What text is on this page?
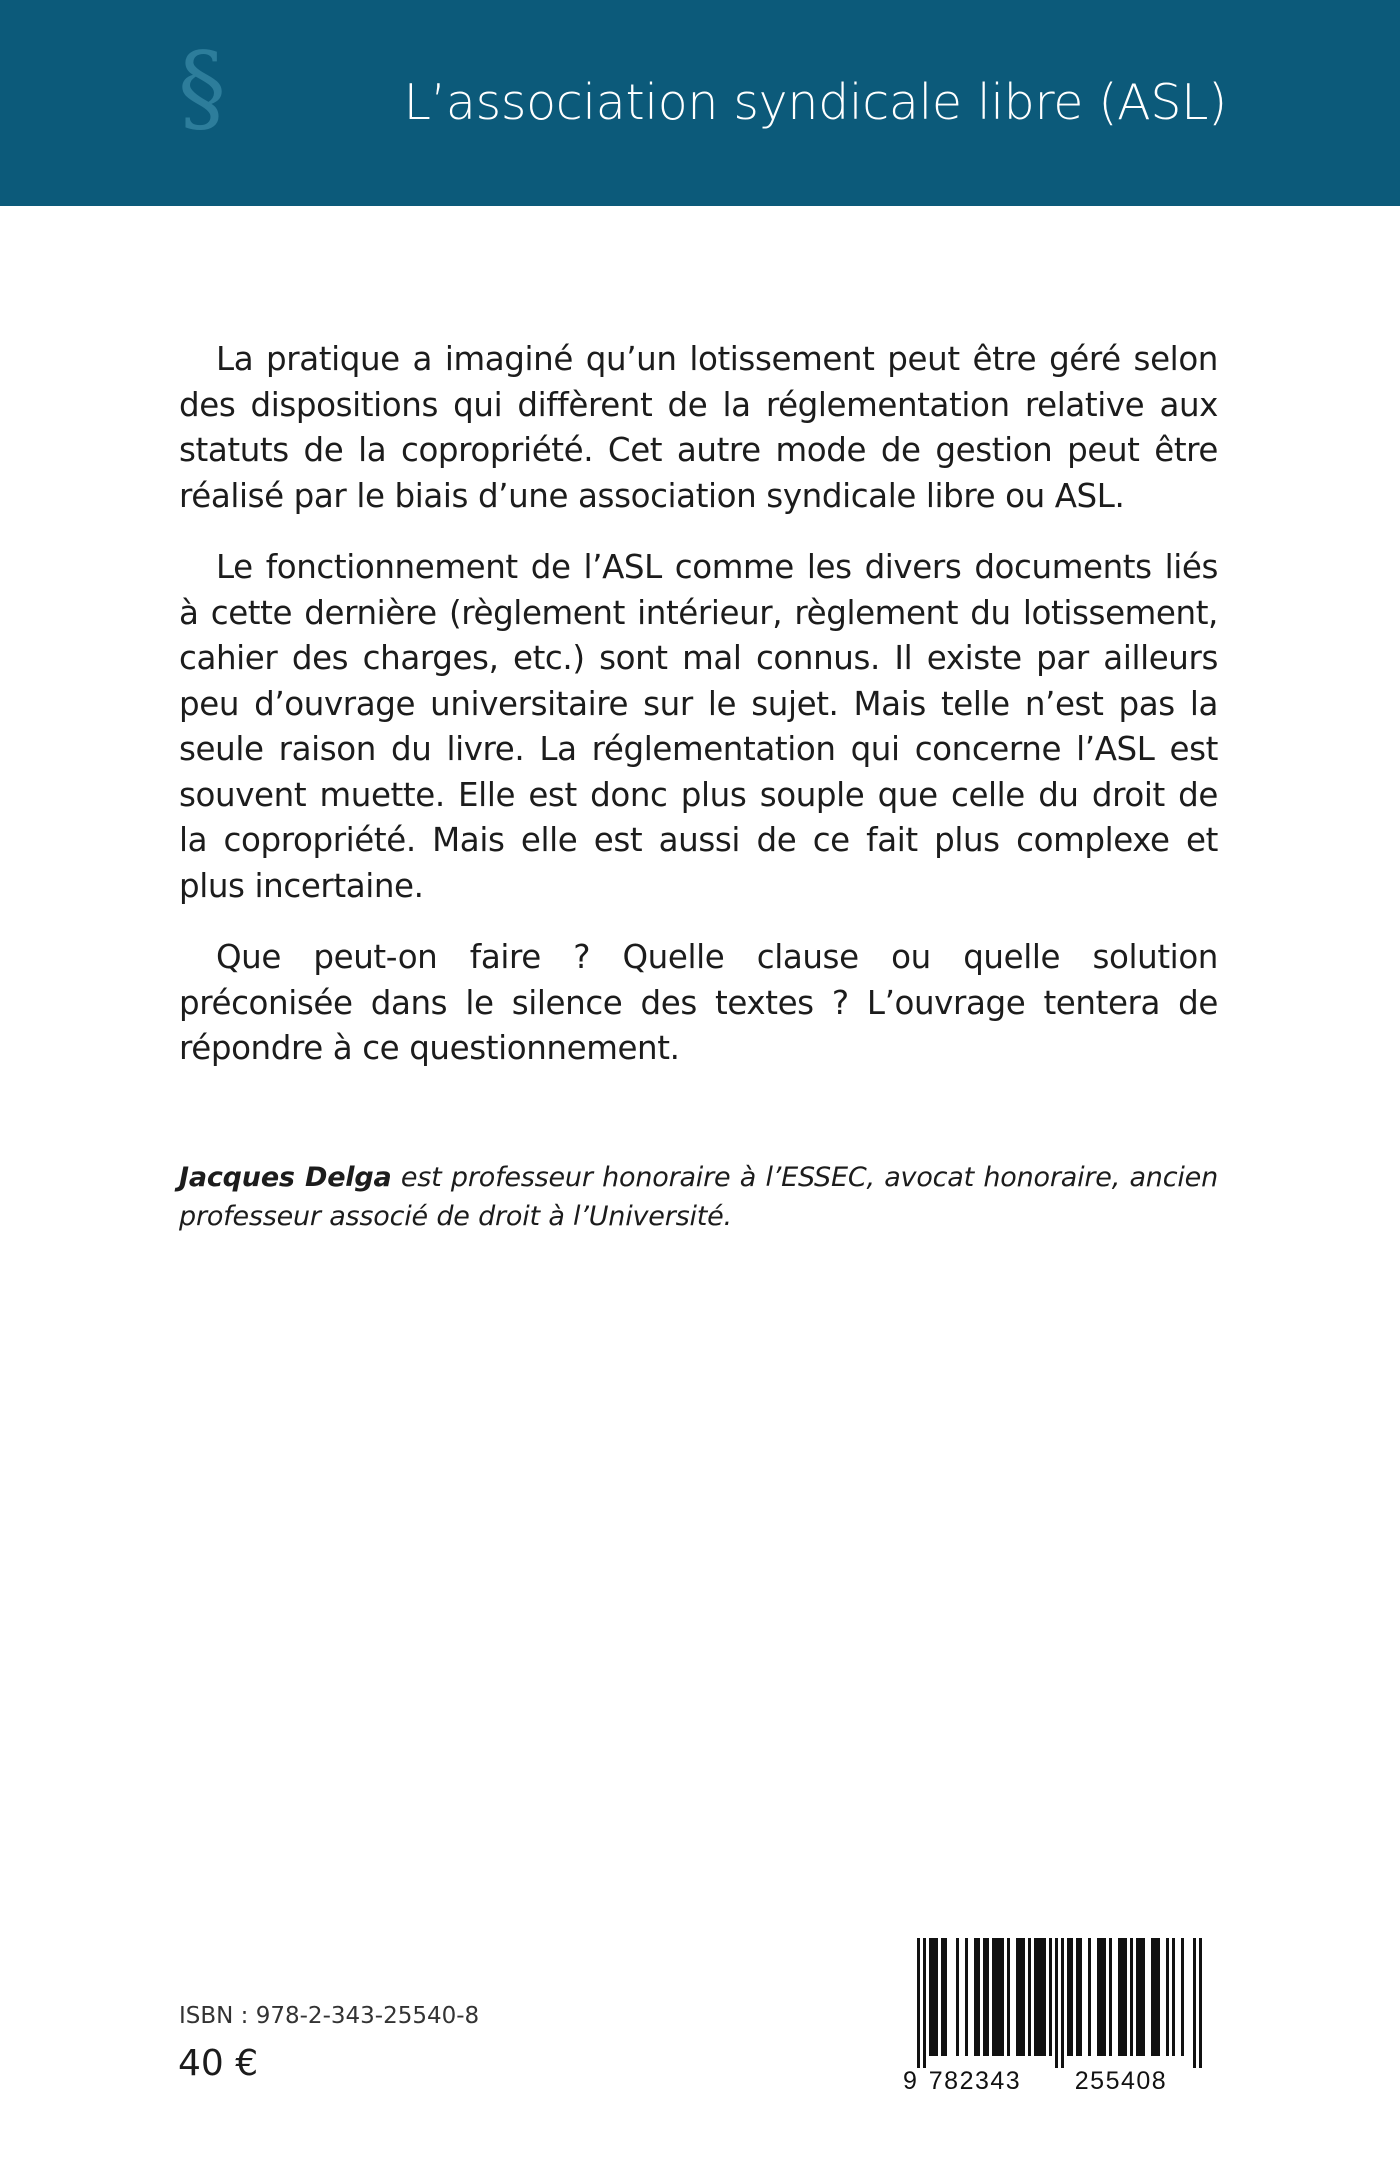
§	L’association syndicale libre (ASL)

La pratique a imaginé qu’un lotissement peut être géré selon des dispositions qui diffèrent de la réglementation relative aux statuts de la copropriété. Cet autre mode de gestion peut être réalisé par le biais d’une association syndicale libre ou ASL.

Le fonctionnement de l’ASL comme les divers documents liés à cette dernière (règlement intérieur, règlement du lotissement, cahier des charges, etc.) sont mal connus. Il existe par ailleurs peu d’ouvrage universitaire sur le sujet. Mais telle n’est pas la seule raison du livre. La réglementation qui concerne l’ASL est souvent muette. Elle est donc plus souple que celle du droit de la copropriété. Mais elle est aussi de ce fait plus complexe et plus incertaine.

Que peut-on faire ? Quelle clause ou quelle solution préconisée dans le silence des textes ? L’ouvrage tentera de répondre à ce questionnement.

Jacques Delga est professeur honoraire à l’ESSEC, avocat honoraire, ancien professeur associé de droit à l’Université.

ISBN : 978-2-343-25540-8
40 €	9 782343 255408
